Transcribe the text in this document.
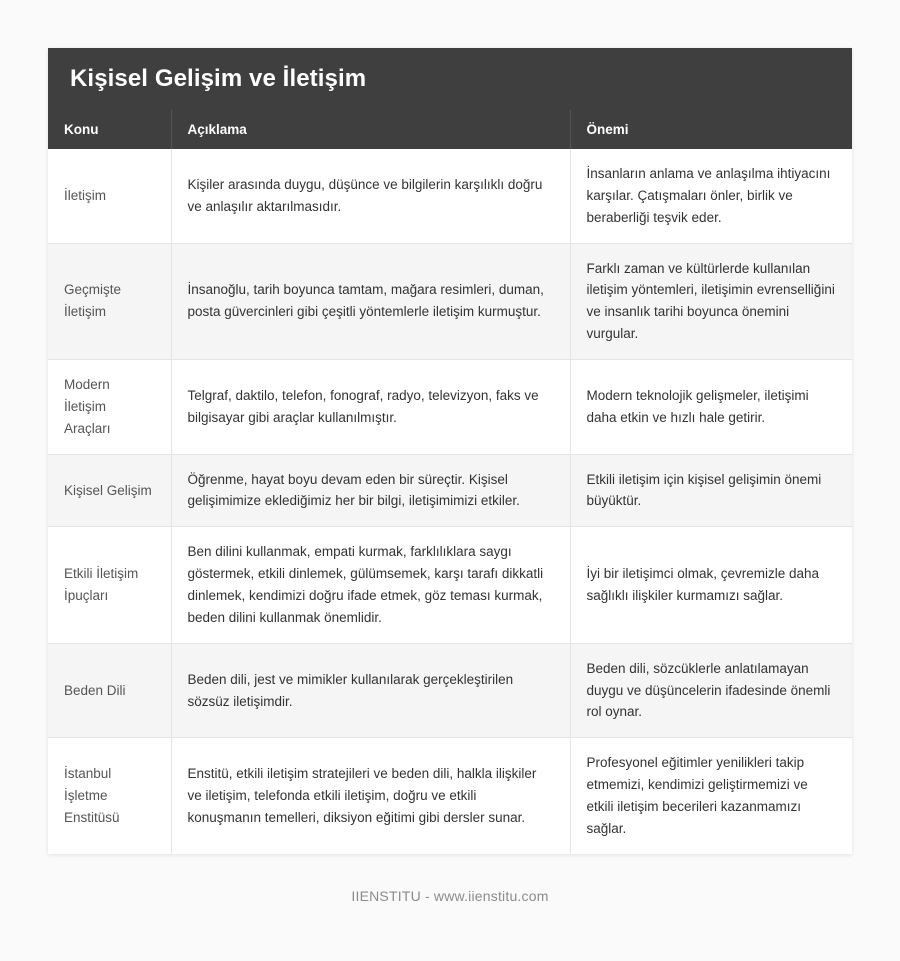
Kişisel Gelişim ve İletişim
Konu	Açıklama	Önemi
İletişim	Kişiler arasında duygu, düşünce ve bilgilerin karşılıklı doğru ve anlaşılır aktarılmasıdır.	İnsanların anlama ve anlaşılma ihtiyacını karşılar. Çatışmaları önler, birlik ve beraberliği teşvik eder.
Geçmişte İletişim	İnsanoğlu, tarih boyunca tamtam, mağara resimleri, duman, posta güvercinleri gibi çeşitli yöntemlerle iletişim kurmuştur.	Farklı zaman ve kültürlerde kullanılan iletişim yöntemleri, iletişimin evrenselliğini ve insanlık tarihi boyunca önemini vurgular.
Modern İletişim Araçları	Telgraf, daktilo, telefon, fonograf, radyo, televizyon, faks ve bilgisayar gibi araçlar kullanılmıştır.	Modern teknolojik gelişmeler, iletişimi daha etkin ve hızlı hale getirir.
Kişisel Gelişim	Öğrenme, hayat boyu devam eden bir süreçtir. Kişisel gelişimimize eklediğimiz her bir bilgi, iletişimimizi etkiler.	Etkili iletişim için kişisel gelişimin önemi büyüktür.
Etkili İletişim İpuçları	Ben dilini kullanmak, empati kurmak, farklılıklara saygı göstermek, etkili dinlemek, gülümsemek, karşı tarafı dikkatli dinlemek, kendimizi doğru ifade etmek, göz teması kurmak, beden dilini kullanmak önemlidir.	İyi bir iletişimci olmak, çevremizle daha sağlıklı ilişkiler kurmamızı sağlar.
Beden Dili	Beden dili, jest ve mimikler kullanılarak gerçekleştirilen sözsüz iletişimdir.	Beden dili, sözcüklerle anlatılamayan duygu ve düşüncelerin ifadesinde önemli rol oynar.
İstanbul İşletme Enstitüsü	Enstitü, etkili iletişim stratejileri ve beden dili, halkla ilişkiler ve iletişim, telefonda etkili iletişim, doğru ve etkili konuşmanın temelleri, diksiyon eğitimi gibi dersler sunar.	Profesyonel eğitimler yenilikleri takip etmemizi, kendimizi geliştirmemizi ve etkili iletişim becerileri kazanmamızı sağlar.
IIENSTITU - www.iienstitu.com
